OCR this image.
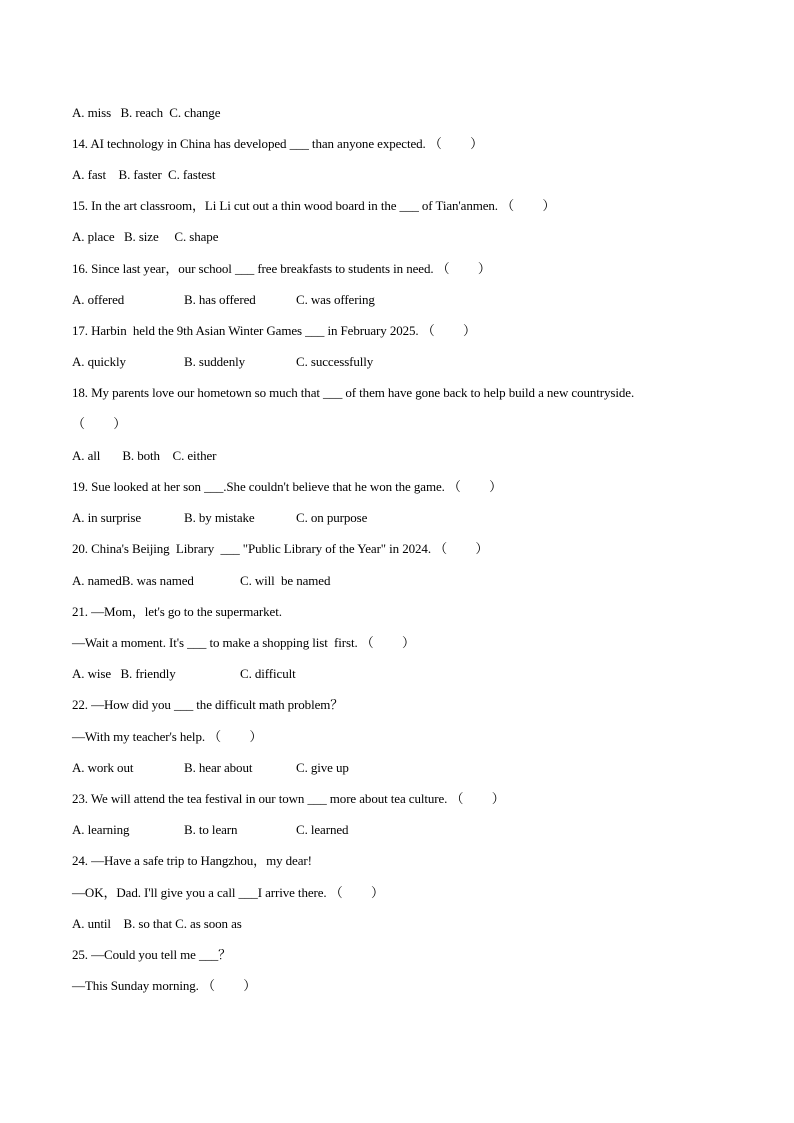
A. miss   B. reach  C. change
14. AI technology in China has developed ___ than anyone expected. （         ）
A. fast    B. faster  C. fastest
15. In the art classroom，Li Li cut out a thin wood board in the ___ of Tian'anmen. （         ）
A. place   B. size     C. shape
16. Since last year，our school ___ free breakfasts to students in need. （         ）
A. offered	B. has offered	C. was offering
17. Harbin  held the 9th Asian Winter Games ___ in February 2025. （         ）
A. quickly	B. suddenly	C. successfully
18. My parents love our hometown so much that ___ of them have gone back to help build a new countryside.
（         ）
A. all       B. both    C. either
19. Sue looked at her son ___.She couldn't believe that he won the game. （         ）
A. in surprise	B. by mistake	C. on purpose
20. China's Beijing  Library  ___ "Public Library of the Year" in 2024. （         ）
A. namedB. was named	C. will  be named
21. —Mom，let's go to the supermarket.
—Wait a moment. It's ___ to make a shopping list  first. （         ）
A. wise   B. friendly	C. difficult
22. —How did you ___ the difficult math problem？
—With my teacher's help. （         ）
A. work out	B. hear about	C. give up
23. We will attend the tea festival in our town ___ more about tea culture. （         ）
A. learning	B. to learn	C. learned
24. —Have a safe trip to Hangzhou，my dear!
—OK，Dad. I'll give you a call ___I arrive there. （         ）
A. until    B. so that C. as soon as
25. —Could you tell me ___？
—This Sunday morning. （         ）
